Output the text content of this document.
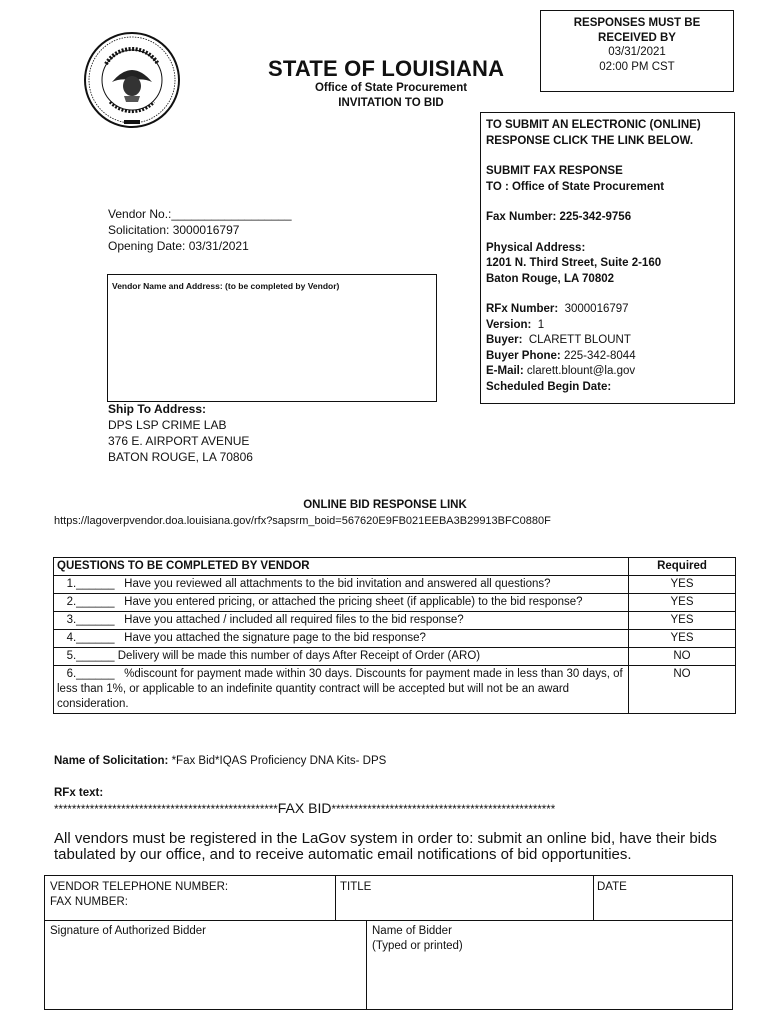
STATE OF LOUISIANA
Office of State Procurement
INVITATION TO BID
RESPONSES MUST BE
RECEIVED BY
03/31/2021
02:00 PM CST
TO SUBMIT AN ELECTRONIC (ONLINE)
RESPONSE CLICK THE LINK BELOW.
SUBMIT FAX RESPONSE
TO : Office of State Procurement
Fax Number: 225-342-9756
Physical Address:
1201 N. Third Street, Suite 2-160
Baton Rouge, LA 70802
RFx Number: 3000016797
Version: 1
Buyer: CLARETT BLOUNT
Buyer Phone: 225-342-8044
E-Mail: clarett.blount@la.gov
Scheduled Begin Date:
Vendor No.:__________________
Solicitation: 3000016797
Opening Date: 03/31/2021
Vendor Name and Address: (to be completed by Vendor)
Ship To Address:
DPS LSP CRIME LAB
376 E. AIRPORT AVENUE
BATON ROUGE, LA 70806
ONLINE BID RESPONSE LINK
https://lagoverpvendor.doa.louisiana.gov/rfx?sapsrm_boid=567620E9FB021EEBA3B29913BFC0880F
QUESTIONS TO BE COMPLETED BY VENDOR	Required
1.______   Have you reviewed all attachments to the bid invitation and answered all questions?	YES
2.______   Have you entered pricing, or attached the pricing sheet (if applicable) to the bid response?	YES
3.______   Have you attached / included all required files to the bid response?	YES
4.______   Have you attached the signature page to the bid response?	YES
5.______ Delivery will be made this number of days After Receipt of Order (ARO)	NO
6.______   %discount for payment made within 30 days. Discounts for payment made in less than 30 days, of less than 1%, or applicable to an indefinite quantity contract will be accepted but will not be an award consideration.	NO
Name of Solicitation: *Fax Bid*IQAS Proficiency DNA Kits- DPS
RFx text:
**************************************************FAX BID**************************************************
All vendors must be registered in the LaGov system in order to: submit an online bid, have their bids tabulated by our office, and to receive automatic email notifications of bid opportunities.
VENDOR TELEPHONE NUMBER:
FAX NUMBER:
TITLE	DATE
Signature of Authorized Bidder	Name of Bidder
(Typed or printed)
